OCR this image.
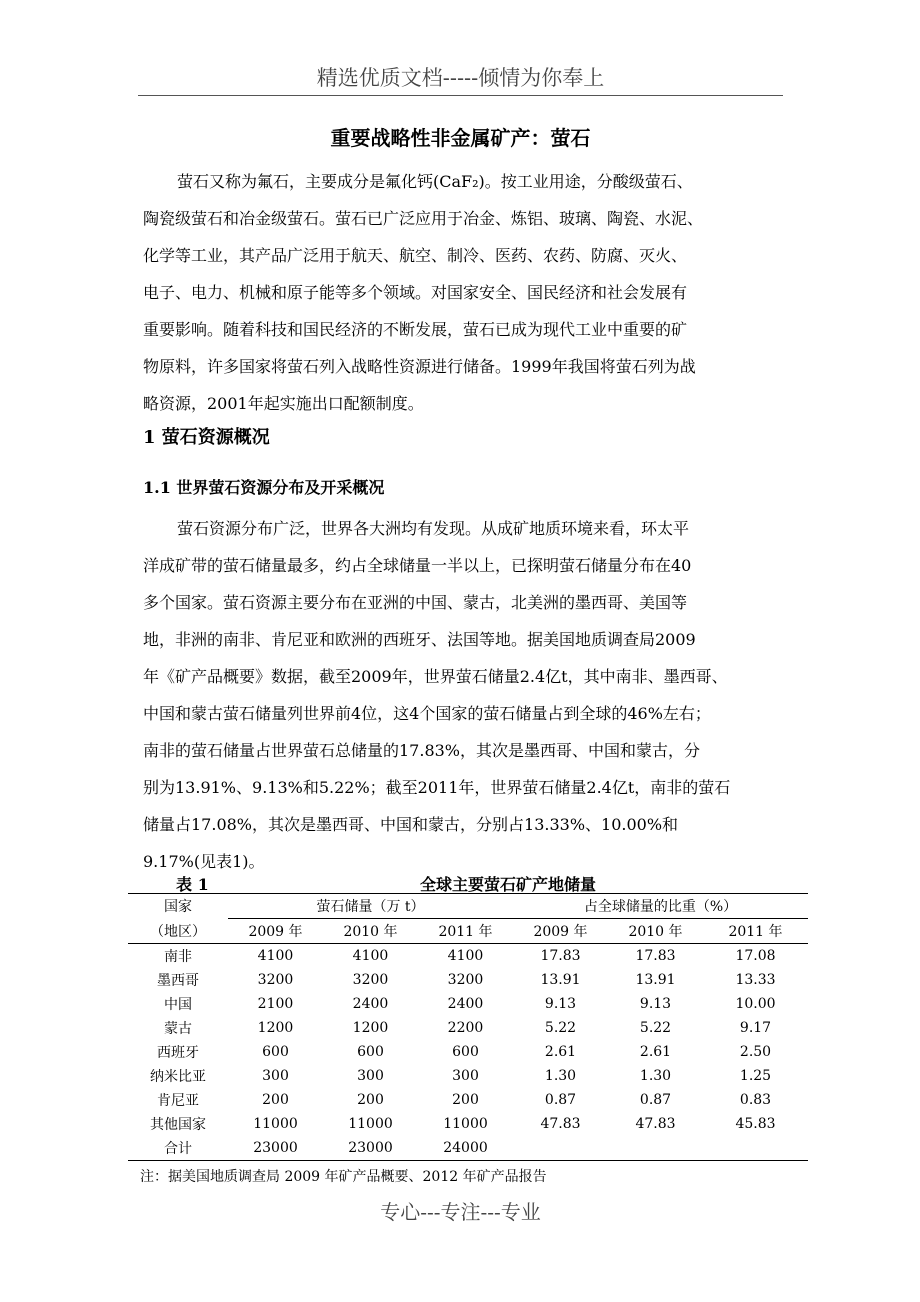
精选优质文档-----倾情为你奉上
重要战略性非金属矿产：萤石

萤石又称为氟石，主要成分是氟化钙(CaF₂)。按工业用途，分酸级萤石、
陶瓷级萤石和冶金级萤石。萤石已广泛应用于冶金、炼铝、玻璃、陶瓷、水泥、
化学等工业，其产品广泛用于航天、航空、制冷、医药、农药、防腐、灭火、
电子、电力、机械和原子能等多个领域。对国家安全、国民经济和社会发展有
重要影响。随着科技和国民经济的不断发展，萤石已成为现代工业中重要的矿
物原料，许多国家将萤石列入战略性资源进行储备。1999年我国将萤石列为战
略资源，2001年起实施出口配额制度。

1 萤石资源概况
1.1 世界萤石资源分布及开采概况

萤石资源分布广泛，世界各大洲均有发现。从成矿地质环境来看，环太平
洋成矿带的萤石储量最多，约占全球储量一半以上，已探明萤石储量分布在40
多个国家。萤石资源主要分布在亚洲的中国、蒙古，北美洲的墨西哥、美国等
地，非洲的南非、肯尼亚和欧洲的西班牙、法国等地。据美国地质调查局2009
年《矿产品概要》数据，截至2009年，世界萤石储量2.4亿t，其中南非、墨西哥、
中国和蒙古萤石储量列世界前4位，这4个国家的萤石储量占到全球的46%左右；
南非的萤石储量占世界萤石总储量的17.83%，其次是墨西哥、中国和蒙古，分
别为13.91%、9.13%和5.22%；截至2011年，世界萤石储量2.4亿t，南非的萤石
储量占17.08%，其次是墨西哥、中国和蒙古，分别占13.33%、10.00%和
9.17%(见表1)。

表 1	全球主要萤石矿产地储量
国家	萤石储量（万 t）			占全球储量的比重（%）		
（地区）	2009 年	2010 年	2011 年	2009 年	2010 年	2011 年
南非	4100	4100	4100	17.83	17.83	17.08
墨西哥	3200	3200	3200	13.91	13.91	13.33
中国	2100	2400	2400	9.13	9.13	10.00
蒙古	1200	1200	2200	5.22	5.22	9.17
西班牙	600	600	600	2.61	2.61	2.50
纳米比亚	300	300	300	1.30	1.30	1.25
肯尼亚	200	200	200	0.87	0.87	0.83
其他国家	11000	11000	11000	47.83	47.83	45.83
合计	23000	23000	24000			
注：据美国地质调查局 2009 年矿产品概要、2012 年矿产品报告
专心---专注---专业
